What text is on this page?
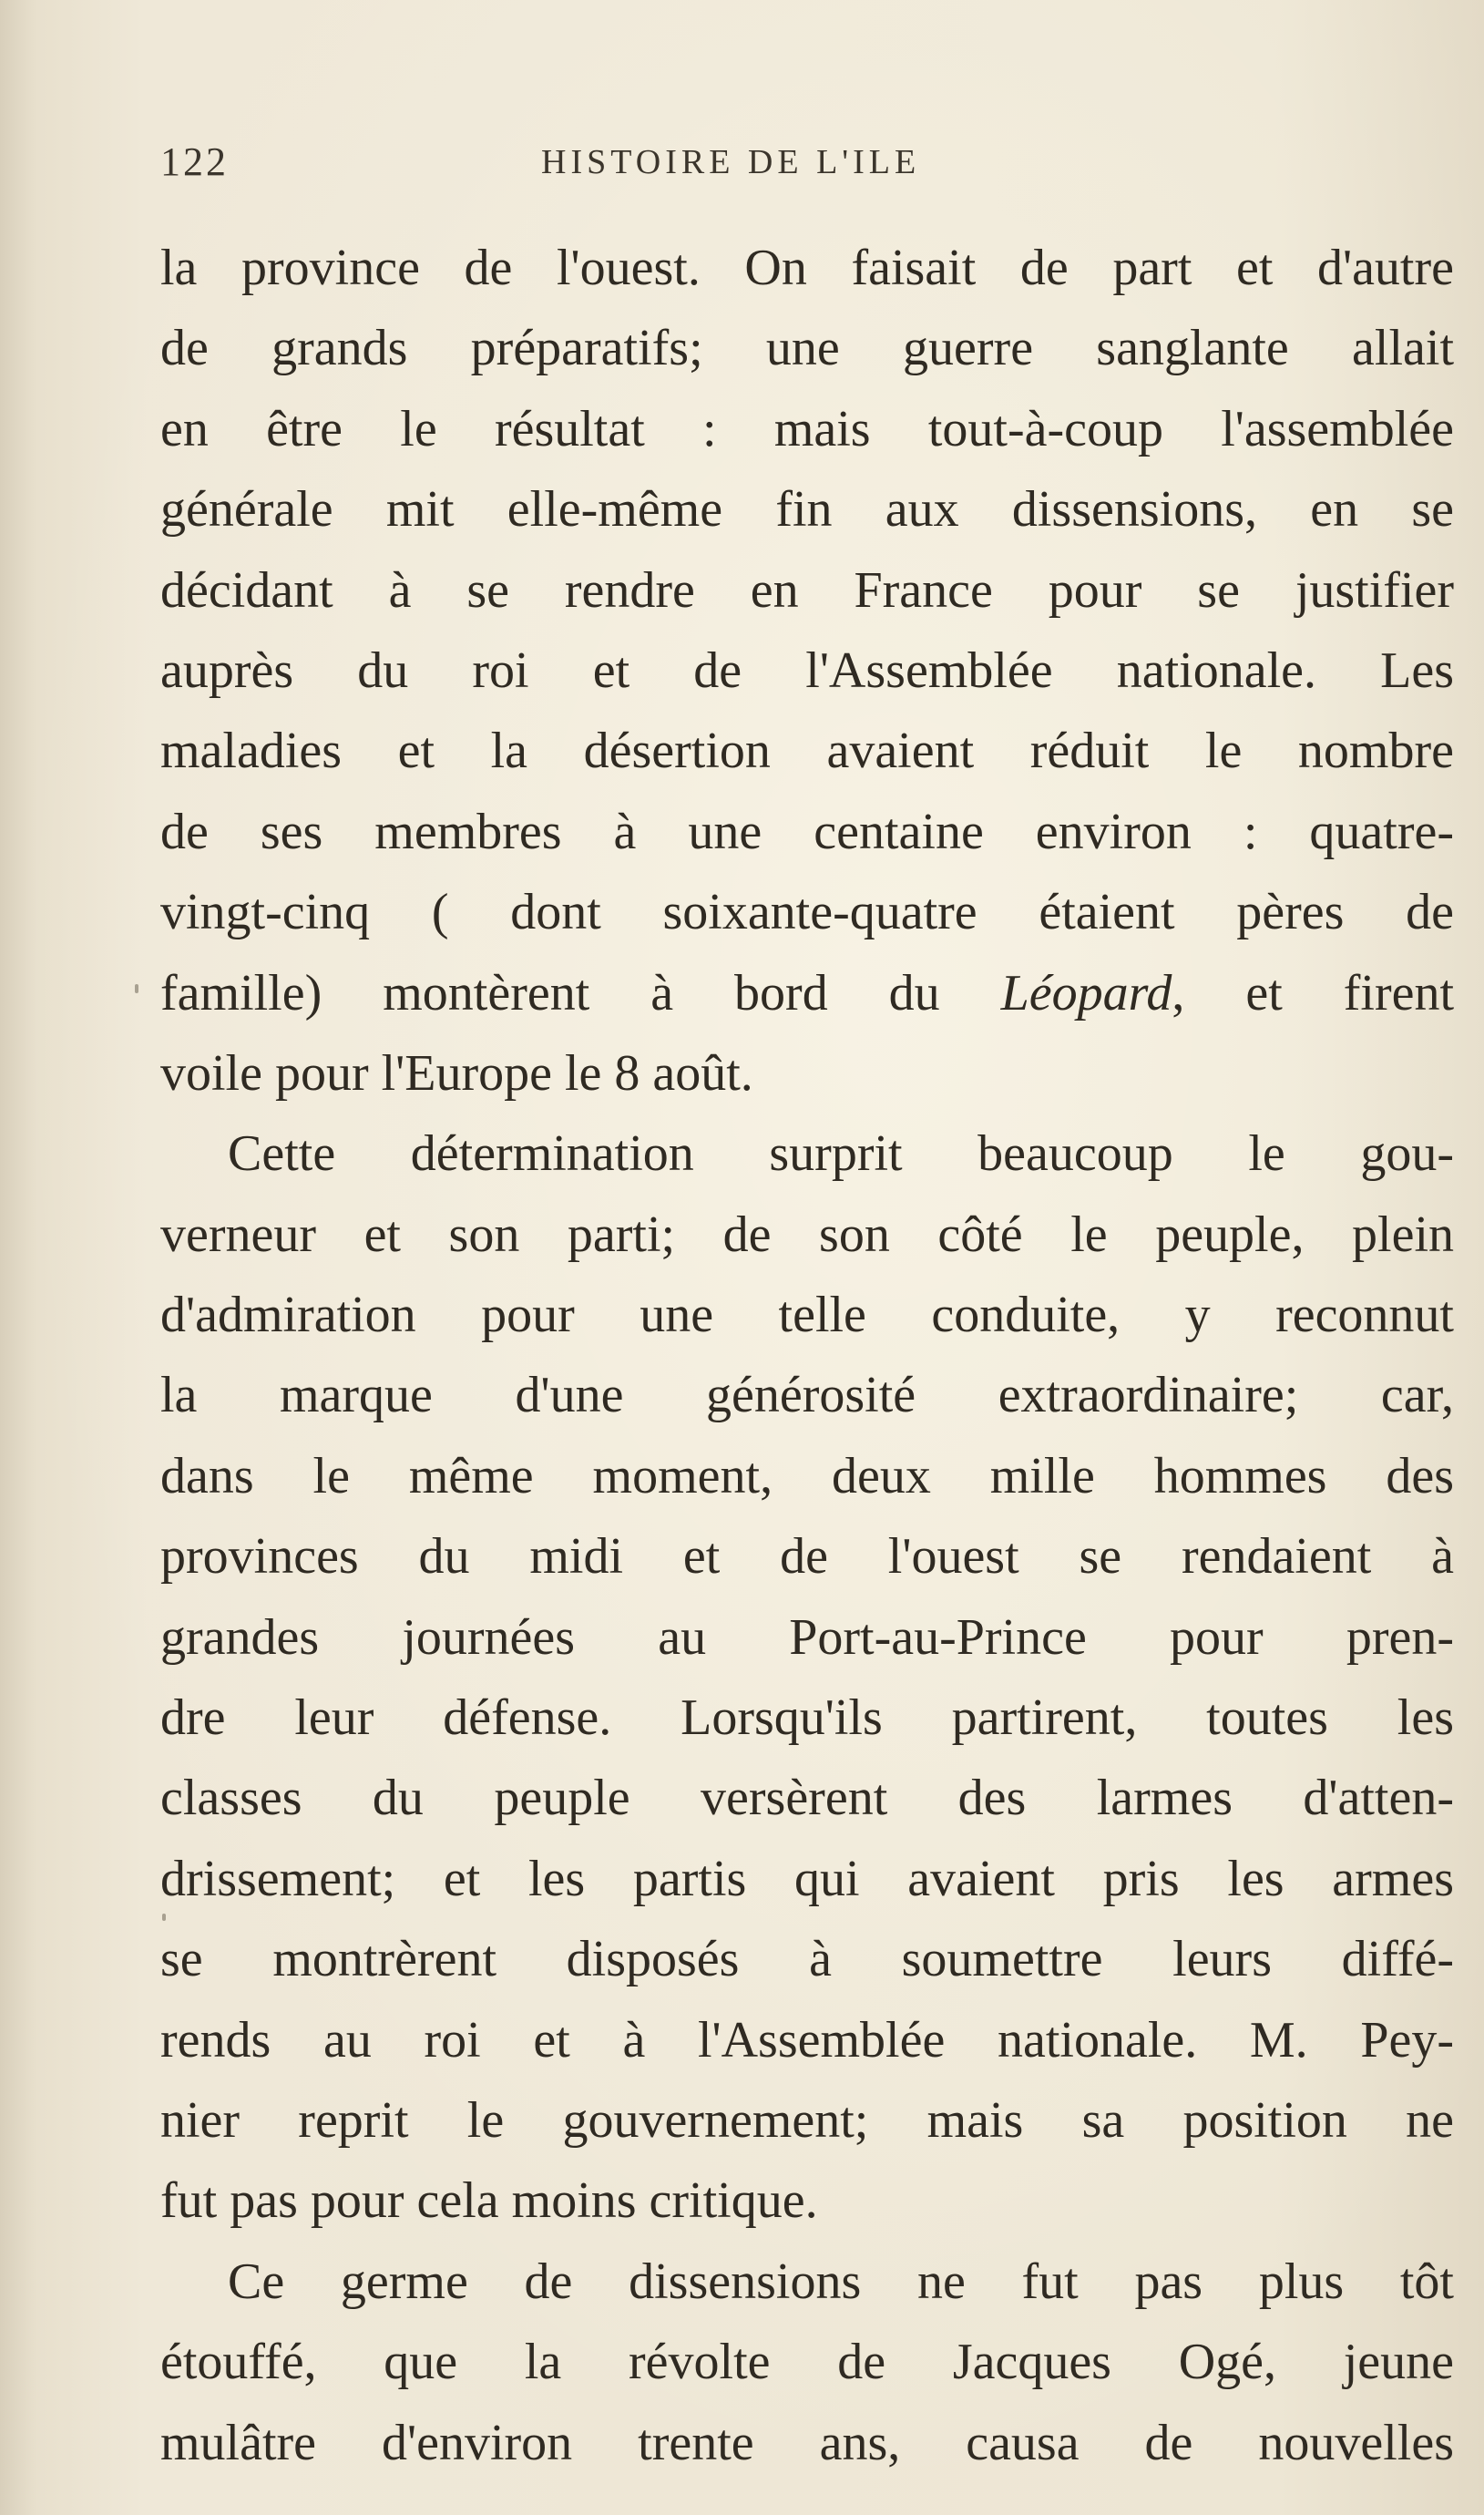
122	HISTOIRE DE L'ILE
la province de l'ouest. On faisait de part et d'autre
de grands préparatifs; une guerre sanglante allait
en être le résultat : mais tout-à-coup l'assemblée
générale mit elle-même fin aux dissensions, en se
décidant à se rendre en France pour se justifier
auprès du roi et de l'Assemblée nationale. Les
maladies et la désertion avaient réduit le nombre
de ses membres à une centaine environ : quatre-
vingt-cinq ( dont soixante-quatre étaient pères de
famille) montèrent à bord du Léopard, et firent
voile pour l'Europe le 8 août.
Cette détermination surprit beaucoup le gou-
verneur et son parti; de son côté le peuple, plein
d'admiration pour une telle conduite, y reconnut
la marque d'une générosité extraordinaire; car,
dans le même moment, deux mille hommes des
provinces du midi et de l'ouest se rendaient à
grandes journées au Port-au-Prince pour pren-
dre leur défense. Lorsqu'ils partirent, toutes les
classes du peuple versèrent des larmes d'atten-
drissement; et les partis qui avaient pris les armes
se montrèrent disposés à soumettre leurs diffé-
rends au roi et à l'Assemblée nationale. M. Pey-
nier reprit le gouvernement; mais sa position ne
fut pas pour cela moins critique.
Ce germe de dissensions ne fut pas plus tôt
étouffé, que la révolte de Jacques Ogé, jeune
mulâtre d'environ trente ans, causa de nouvelles
